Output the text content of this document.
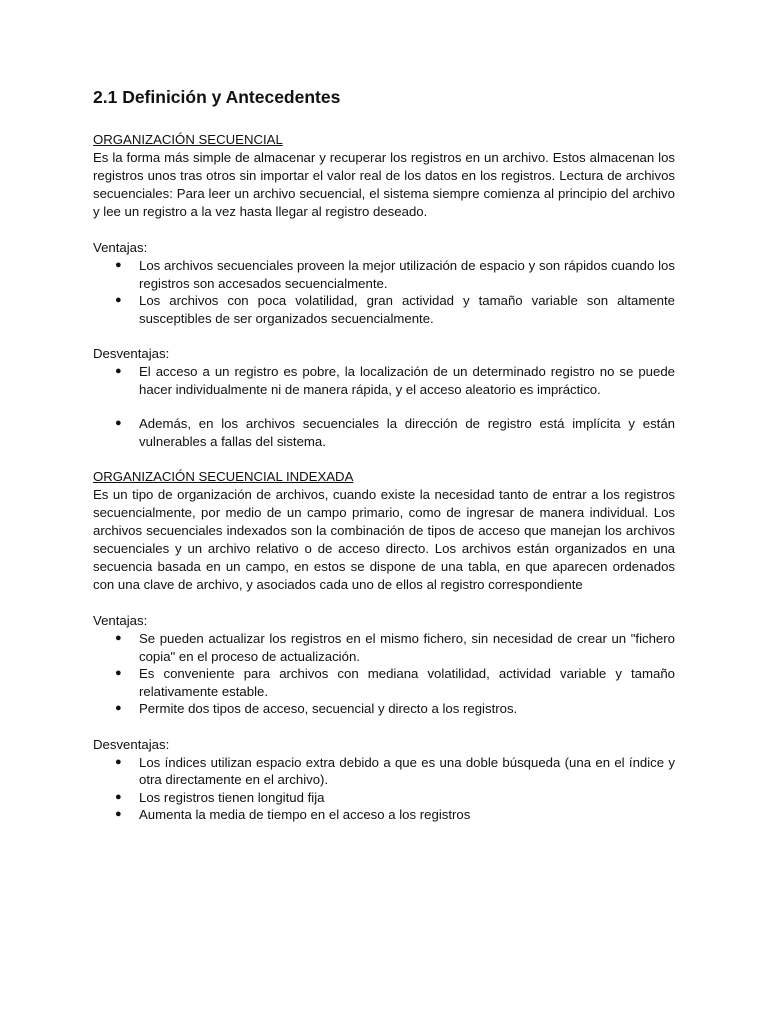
2.1 Definición y Antecedentes

ORGANIZACIÓN SECUENCIAL

Es la forma más simple de almacenar y recuperar los registros en un archivo. Estos almacenan los registros unos tras otros sin importar el valor real de los datos en los registros. Lectura de archivos secuenciales: Para leer un archivo secuencial, el sistema siempre comienza al principio del archivo y lee un registro a la vez hasta llegar al registro deseado.

Ventajas:

● Los archivos secuenciales proveen la mejor utilización de espacio y son rápidos cuando los registros son accesados secuencialmente.
● Los archivos con poca volatilidad, gran actividad y tamaño variable son altamente susceptibles de ser organizados secuencialmente.

Desventajas:

● El acceso a un registro es pobre, la localización de un determinado registro no se puede hacer individualmente ni de manera rápida, y el acceso aleatorio es impráctico.
● Además, en los archivos secuenciales la dirección de registro está implícita y están vulnerables a fallas del sistema.

ORGANIZACIÓN SECUENCIAL INDEXADA

Es un tipo de organización de archivos, cuando existe la necesidad tanto de entrar a los registros secuencialmente, por medio de un campo primario, como de ingresar de manera individual. Los archivos secuenciales indexados son la combinación de tipos de acceso que manejan los archivos secuenciales y un archivo relativo o de acceso directo. Los archivos están organizados en una secuencia basada en un campo, en estos se dispone de una tabla, en que aparecen ordenados con una clave de archivo, y asociados cada uno de ellos al registro correspondiente

Ventajas:

● Se pueden actualizar los registros en el mismo fichero, sin necesidad de crear un "fichero copia" en el proceso de actualización.
● Es conveniente para archivos con mediana volatilidad, actividad variable y tamaño relativamente estable.
● Permite dos tipos de acceso, secuencial y directo a los registros.

Desventajas:

● Los índices utilizan espacio extra debido a que es una doble búsqueda (una en el índice y otra directamente en el archivo).
● Los registros tienen longitud fija
● Aumenta la media de tiempo en el acceso a los registros
